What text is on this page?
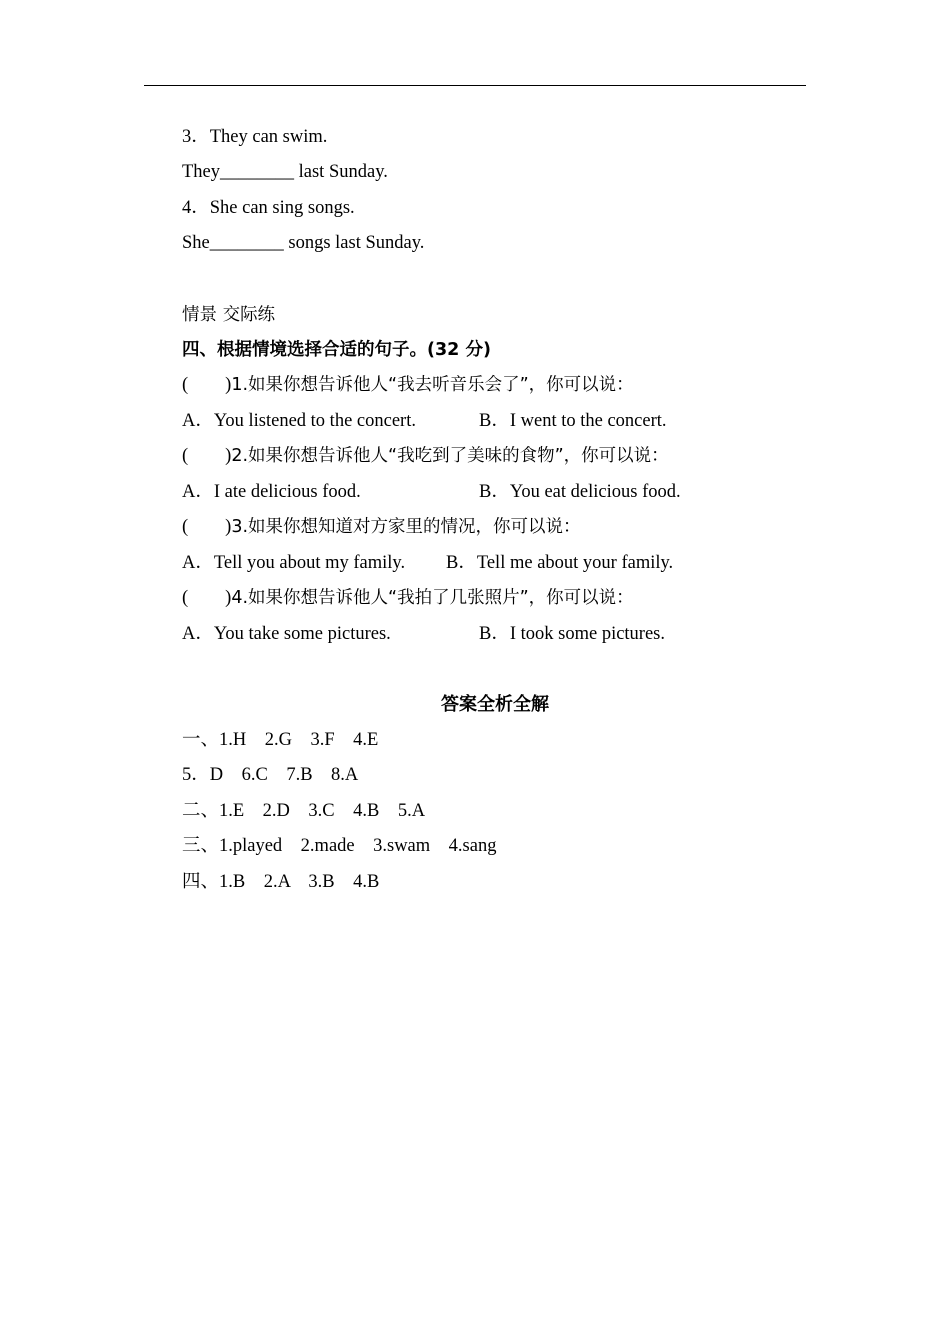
3．They can swim.
They________ last Sunday.
4．She can sing songs.
She________ songs last Sunday.
情景 交际练
四、根据情境选择合适的句子。(32 分)
(        )1.如果你想告诉他人“我去听音乐会了”，你可以说：
A．You listened to the concert.	B．I went to the concert.
(        )2.如果你想告诉他人“我吃到了美味的食物”，你可以说：
A．I ate delicious food.	B．You eat delicious food.
(        )3.如果你想知道对方家里的情况，你可以说：
A．Tell you about my family. B．Tell me about your family.
(        )4.如果你想告诉他人“我拍了几张照片”，你可以说：
A．You take some pictures.	B．I took some pictures.
答案全析全解
一、1.H    2.G    3.F    4.E
5．D    6.C    7.B    8.A
二、1.E    2.D    3.C    4.B    5.A
三、1.played    2.made    3.swam    4.sang
四、1.B    2.A    3.B    4.B
